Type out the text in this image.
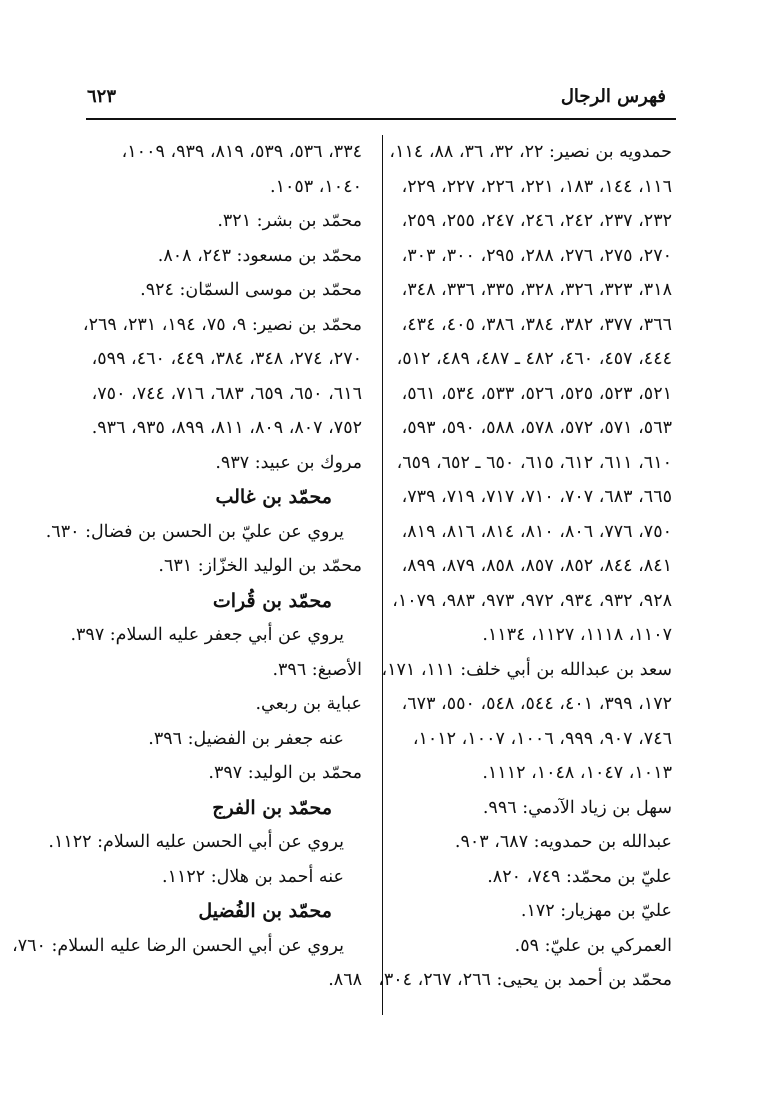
فهرس الرجال
٦٢٣
حمدويه بن نصير: ٢٢، ٣٢، ٣٦، ٨٨، ١١٤،
١١٦، ١٤٤، ١٨٣، ٢٢١، ٢٢٦، ٢٢٧، ٢٢٩،
٢٣٢، ٢٣٧، ٢٤٢، ٢٤٦، ٢٤٧، ٢٥٥، ٢٥٩،
٢٧٠، ٢٧٥، ٢٧٦، ٢٨٨، ٢٩٥، ٣٠٠، ٣٠٣،
٣١٨، ٣٢٣، ٣٢٦، ٣٢٨، ٣٣٥، ٣٣٦، ٣٤٨،
٣٦٦، ٣٧٧، ٣٨٢، ٣٨٤، ٣٨٦، ٤٠٥، ٤٣٤،
٤٤٤، ٤٥٧، ٤٦٠، ٤٨٢ ـ ٤٨٧، ٤٨٩، ٥١٢،
٥٢١، ٥٢٣، ٥٢٥، ٥٢٦، ٥٣٣، ٥٣٤، ٥٦١،
٥٦٣، ٥٧١، ٥٧٢، ٥٧٨، ٥٨٨، ٥٩٠، ٥٩٣،
٦١٠، ٦١١، ٦١٢، ٦١٥، ٦٥٠ ـ ٦٥٢، ٦٥٩،
٦٦٥، ٦٨٣، ٧٠٧، ٧١٠، ٧١٧، ٧١٩، ٧٣٩،
٧٥٠، ٧٧٦، ٨٠٦، ٨١٠، ٨١٤، ٨١٦، ٨١٩،
٨٤١، ٨٤٤، ٨٥٢، ٨٥٧، ٨٥٨، ٨٧٩، ٨٩٩،
٩٢٨، ٩٣٢، ٩٣٤، ٩٧٢، ٩٧٣، ٩٨٣، ١٠٧٩،
١١٠٧، ١١١٨، ١١٢٧، ١١٣٤.
سعد بن عبدالله بن أبي خلف: ١١١، ١٧١،
١٧٢، ٣٩٩، ٤٠١، ٥٤٤، ٥٤٨، ٥٥٠، ٦٧٣،
٧٤٦، ٩٠٧، ٩٩٩، ١٠٠٦، ١٠٠٧، ١٠١٢،
١٠١٣، ١٠٤٧، ١٠٤٨، ١١١٢.
سهل بن زياد الآدمي: ٩٩٦.
عبدالله بن حمدويه: ٦٨٧، ٩٠٣.
عليّ بن محمّد: ٧٤٩، ٨٢٠.
عليّ بن مهزيار: ١٧٢.
العمركي بن عليّ: ٥٩.
محمّد بن أحمد بن يحيى: ٢٦٦، ٢٦٧، ٣٠٤،
٣٣٤، ٥٣٦، ٥٣٩، ٨١٩، ٩٣٩، ١٠٠٩،
١٠٤٠، ١٠٥٣.
محمّد بن بشر: ٣٢١.
محمّد بن مسعود: ٢٤٣، ٨٠٨.
محمّد بن موسى السمّان: ٩٢٤.
محمّد بن نصير: ٩، ٧٥، ١٩٤، ٢٣١، ٢٦٩،
٢٧٠، ٢٧٤، ٣٤٨، ٣٨٤، ٤٤٩، ٤٦٠، ٥٩٩،
٦١٦، ٦٥٠، ٦٥٩، ٦٨٣، ٧١٦، ٧٤٤، ٧٥٠،
٧٥٢، ٨٠٧، ٨٠٩، ٨١١، ٨٩٩، ٩٣٥، ٩٣٦.
مروك بن عبيد: ٩٣٧.
محمّد بن غالب
يروي عن عليّ بن الحسن بن فضال: ٦٣٠.
محمّد بن الوليد الخزّاز: ٦٣١.
محمّد بن قُرات
يروي عن أبي جعفر عليه السلام: ٣٩٧.
الأصبغ: ٣٩٦.
عباية بن ربعي.
عنه جعفر بن الفضيل: ٣٩٦.
محمّد بن الوليد: ٣٩٧.
محمّد بن الفرج
يروي عن أبي الحسن عليه السلام: ١١٢٢.
عنه أحمد بن هلال: ١١٢٢.
محمّد بن الفُضيل
يروي عن أبي الحسن الرضا عليه السلام: ٧٦٠،
٨٦٨.
